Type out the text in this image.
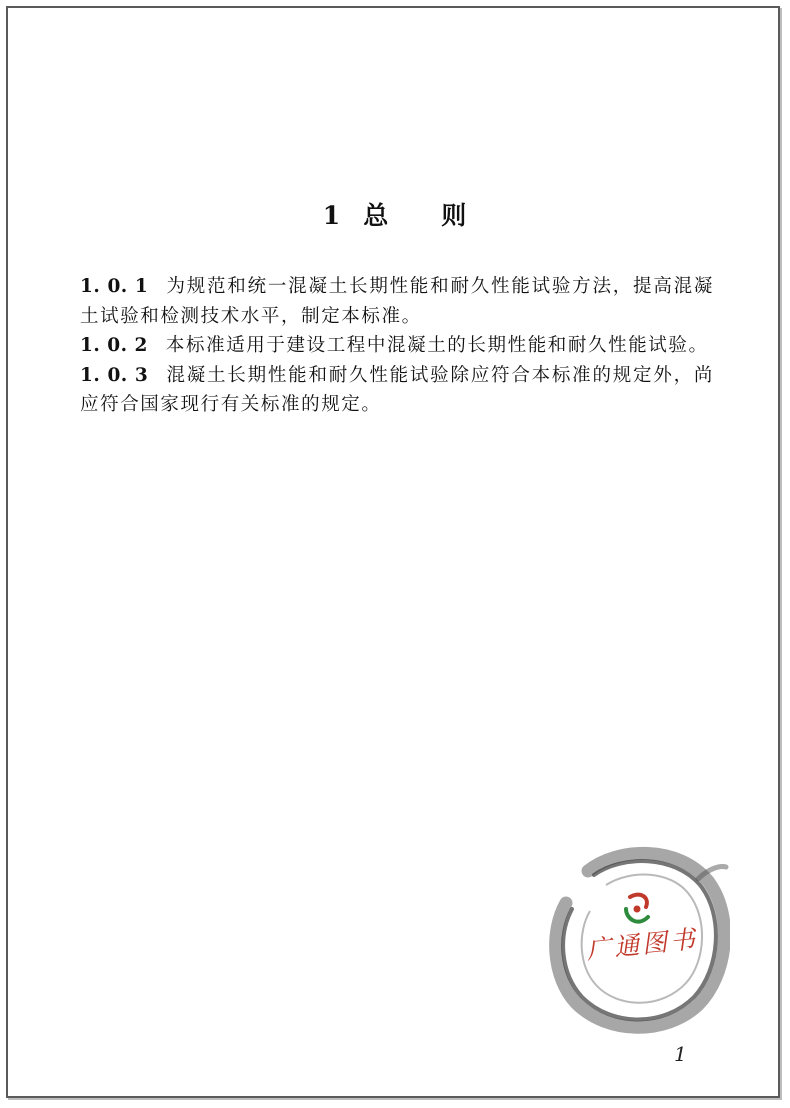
1 总 则

1. 0. 1 为规范和统一混凝土长期性能和耐久性能试验方法，提高混凝土试验和检测技术水平，制定本标准。

1. 0. 2 本标准适用于建设工程中混凝土的长期性能和耐久性能试验。

1. 0. 3 混凝土长期性能和耐久性能试验除应符合本标准的规定外，尚应符合国家现行有关标准的规定。

广通图书
1
